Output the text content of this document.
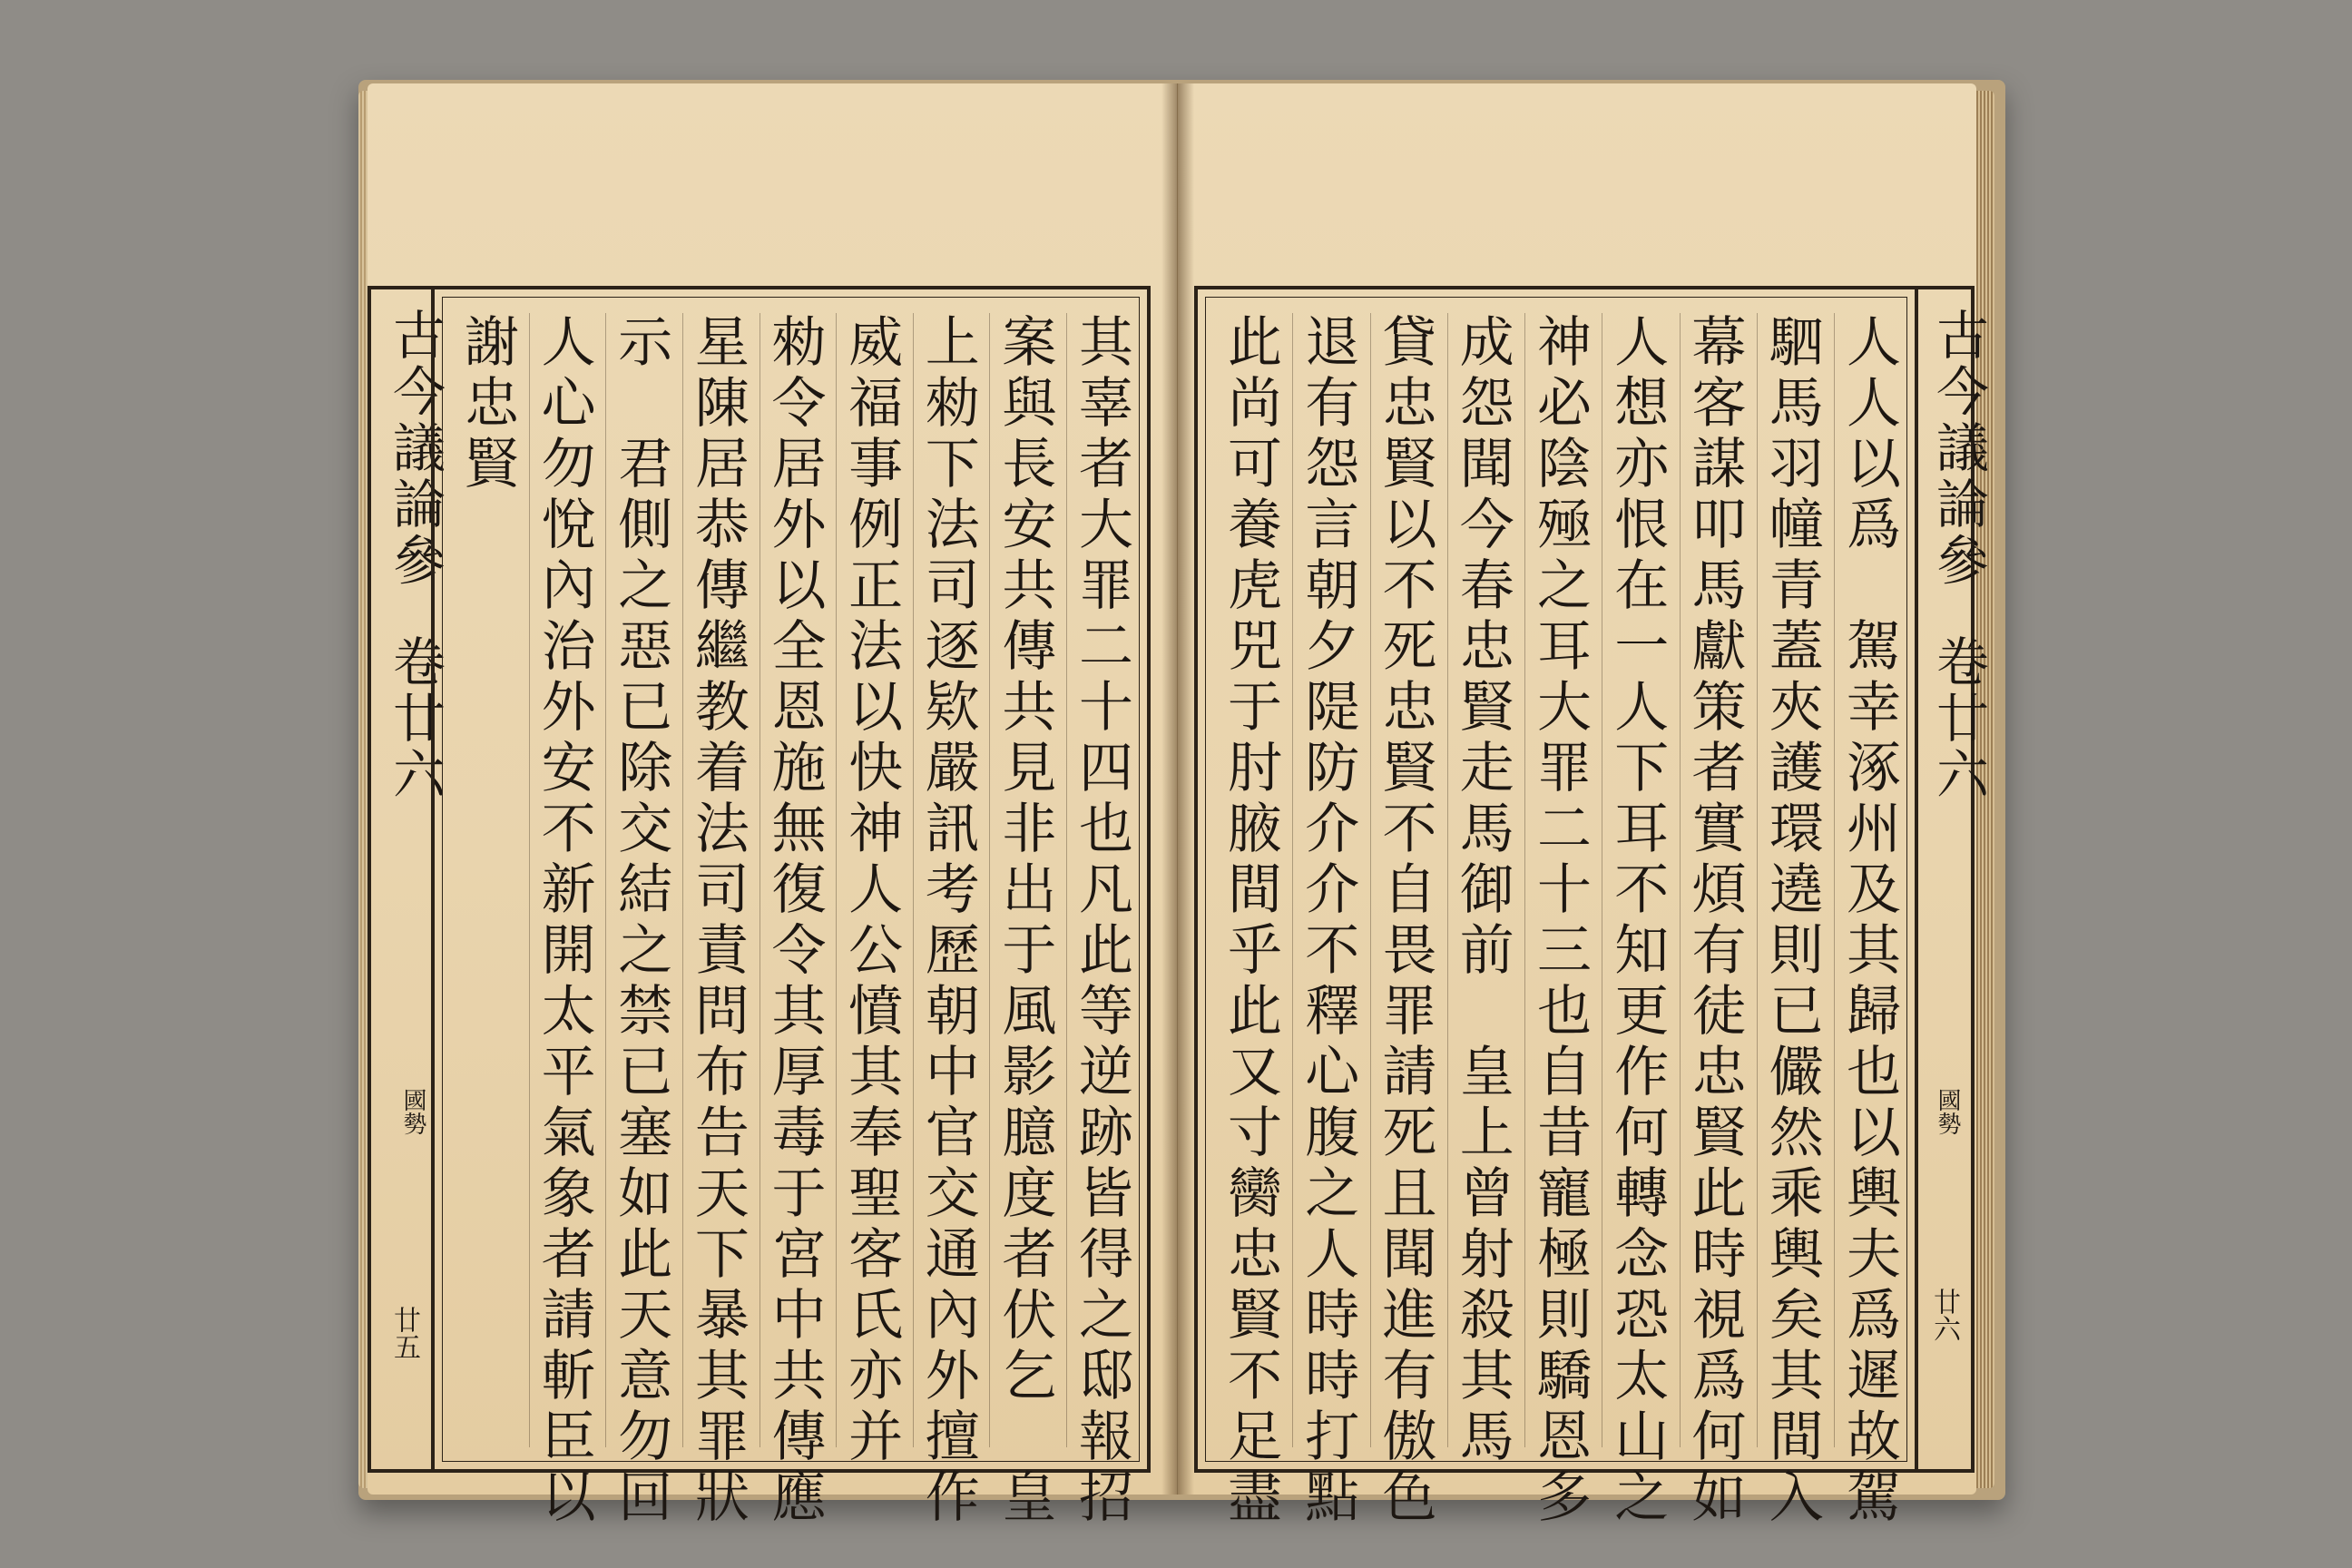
古今議論參
卷廿六
國勢
廿五	其辜者大罪二十四也凡此等逆跡皆得之邸報招
案與長安共傳共見非出于風影臆度者伏乞　皇
上勑下法司逐欵嚴訊考歷朝中官交通內外擅作
威福事例正法以快神人公憤其奉聖客氏亦并
勑令居外以全恩施無復令其厚毒于宮中共傳應
星陳居恭傳繼教着法司責問布告天下暴其罪狀
示　君側之惡已除交結之禁已塞如此天意勿回
人心勿悅內治外安不新開太平氣象者請斬臣以
謝忠賢	人人以爲　駕幸涿州及其歸也以輿夫爲遲故駕
駟馬羽幢青蓋夾護環遶則已儼然乘輿矣其間入
幕客謀叩馬獻策者實煩有徒忠賢此時視爲何如
人想亦恨在一人下耳不知更作何轉念恐太山之
神必陰殛之耳大罪二十三也自昔寵極則驕恩多
成怨聞今春忠賢走馬御前　皇上曾射殺其馬
貸忠賢以不死忠賢不自畏罪請死且聞進有傲色
退有怨言朝夕隄防介介不釋心腹之人時時打點
此尚可養虎兕于肘腋間乎此又寸臠忠賢不足盡	古今議論參
卷廿六
國勢
廿六
